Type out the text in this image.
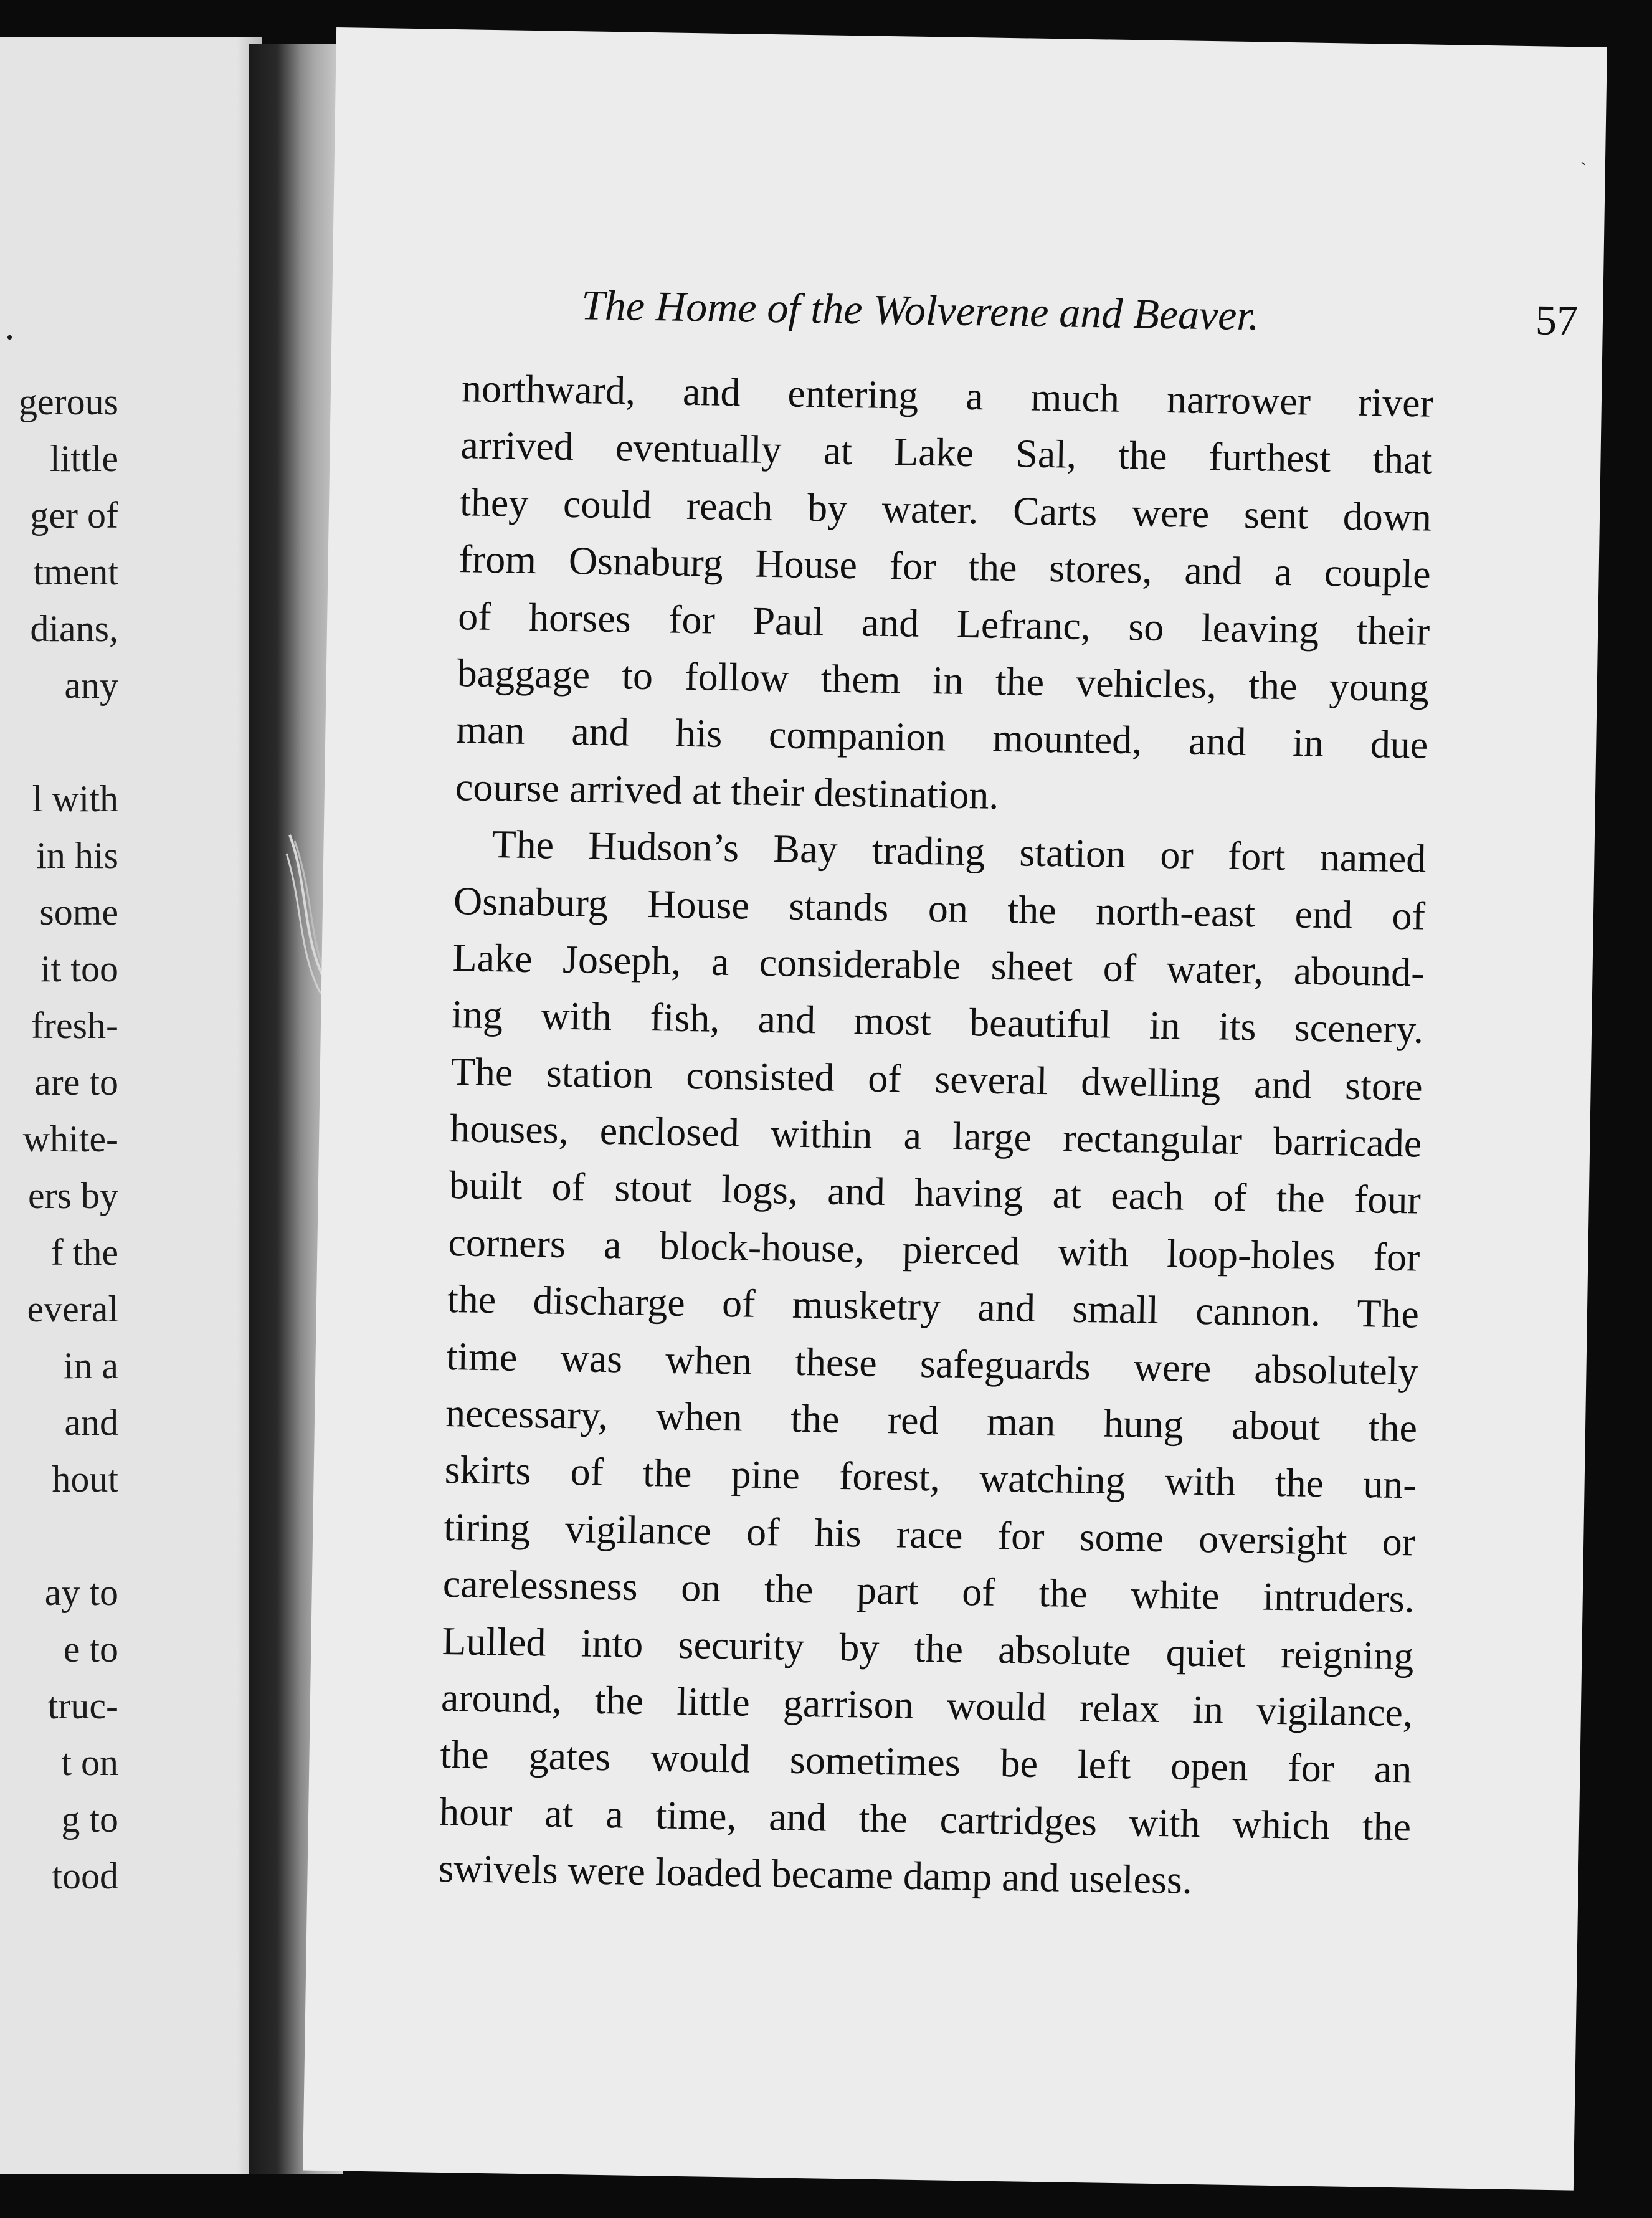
.
gerous
little
ger of
tment
dians,
any
l with
in his
some
it too
fresh-
are to
white-
ers by
f the
everal
in a
and
hout
ay to
e to
truc-
t on
g to
tood
The Home of the Wolverene and Beaver.	57
northward, and entering a much narrower river
arrived eventually at Lake Sal, the furthest that
they could reach by water. Carts were sent down
from Osnaburg House for the stores, and a couple
of horses for Paul and Lefranc, so leaving their
baggage to follow them in the vehicles, the young
man and his companion mounted, and in due
course arrived at their destination.
The Hudson’s Bay trading station or fort named
Osnaburg House stands on the north-east end of
Lake Joseph, a considerable sheet of water, abound-
ing with fish, and most beautiful in its scenery.
The station consisted of several dwelling and store
houses, enclosed within a large rectangular barricade
built of stout logs, and having at each of the four
corners a block-house, pierced with loop-holes for
the discharge of musketry and small cannon. The
time was when these safeguards were absolutely
necessary, when the red man hung about the
skirts of the pine forest, watching with the un-
tiring vigilance of his race for some oversight or
carelessness on the part of the white intruders.
Lulled into security by the absolute quiet reigning
around, the little garrison would relax in vigilance,
the gates would sometimes be left open for an
hour at a time, and the cartridges with which the
swivels were loaded became damp and useless.
`
